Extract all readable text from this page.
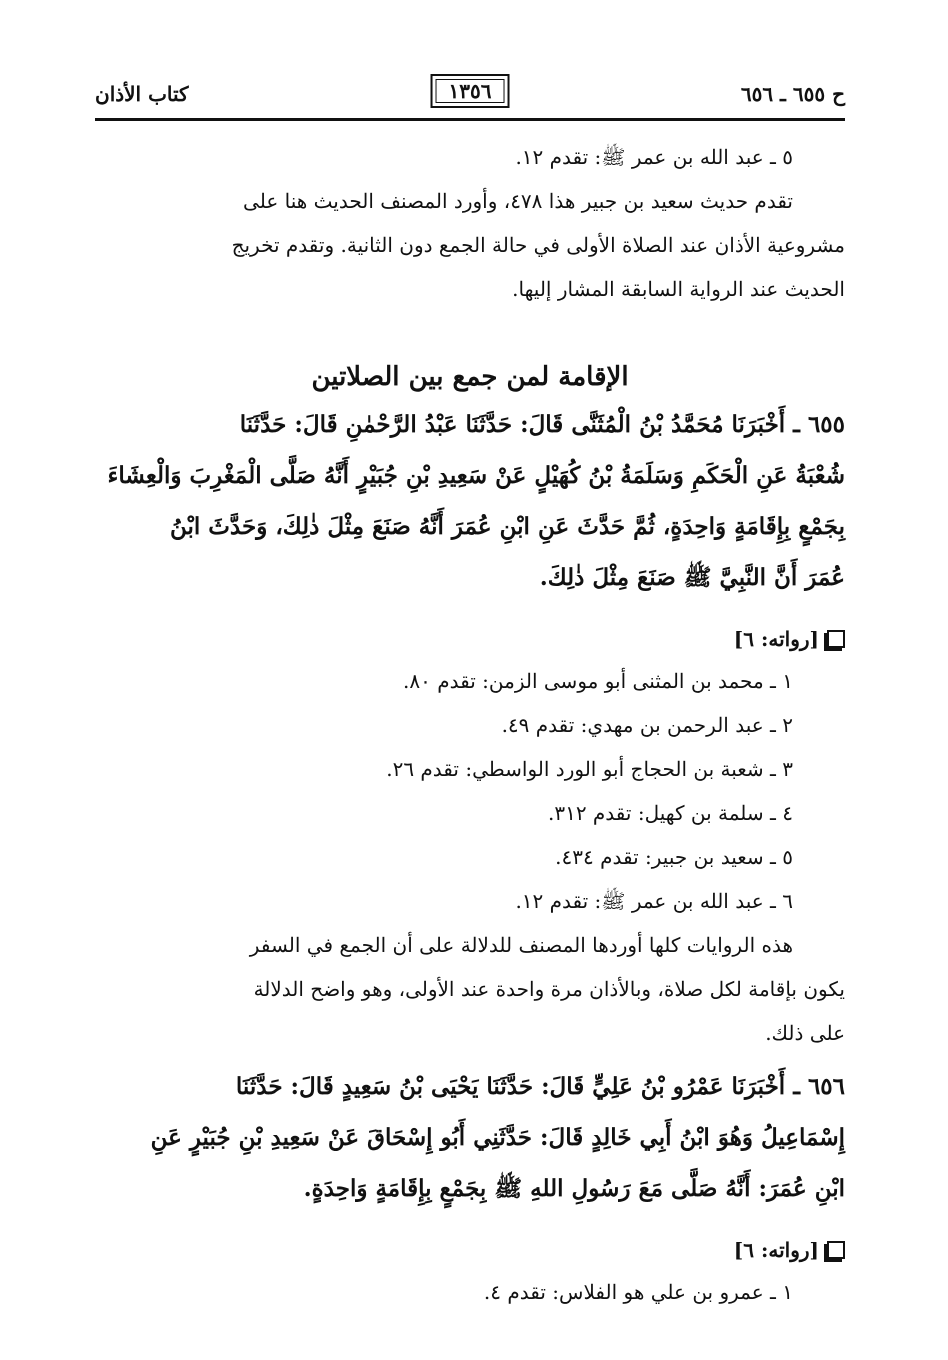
ح ٦٥٥ ـ ٦٥٦
١٣٥٦
كتاب الأذان
٥ ـ عبد الله بن عمر ﷺ: تقدم ١٢.
تقدم حديث سعيد بن جبير هذا ٤٧٨، وأورد المصنف الحديث هنا على
مشروعية الأذان عند الصلاة الأولى في حالة الجمع دون الثانية. وتقدم تخريج
الحديث عند الرواية السابقة المشار إليها.
الإقامة لمن جمع بين الصلاتين
٦٥٥ ـ أَخْبَرَنَا مُحَمَّدُ بْنُ الْمُثَنَّى قَالَ: حَدَّثَنَا عَبْدُ الرَّحْمٰنِ قَالَ: حَدَّثَنَا
شُعْبَةُ عَنِ الْحَكَمِ وَسَلَمَةُ بْنُ كُهَيْلٍ عَنْ سَعِيدِ بْنِ جُبَيْرٍ أَنَّهُ صَلَّى الْمَغْرِبَ وَالْعِشَاءَ
بِجَمْعٍ بِإِقَامَةٍ وَاحِدَةٍ، ثُمَّ حَدَّثَ عَنِ ابْنِ عُمَرَ أَنَّهُ صَنَعَ مِثْلَ ذٰلِكَ، وَحَدَّثَ ابْنُ
عُمَرَ أَنَّ النَّبِيَّ ﷺ صَنَعَ مِثْلَ ذٰلِكَ.
[رواته: ٦]
١ ـ محمد بن المثنى أبو موسى الزمن: تقدم ٨٠.
٢ ـ عبد الرحمن بن مهدي: تقدم ٤٩.
٣ ـ شعبة بن الحجاج أبو الورد الواسطي: تقدم ٢٦.
٤ ـ سلمة بن كهيل: تقدم ٣١٢.
٥ ـ سعيد بن جبير: تقدم ٤٣٤.
٦ ـ عبد الله بن عمر ﷺ: تقدم ١٢.
هذه الروايات كلها أوردها المصنف للدلالة على أن الجمع في السفر
يكون بإقامة لكل صلاة، وبالأذان مرة واحدة عند الأولى، وهو واضح الدلالة
على ذلك.
٦٥٦ ـ أَخْبَرَنَا عَمْرُو بْنُ عَلِيٍّ قَالَ: حَدَّثَنَا يَحْيَى بْنُ سَعِيدٍ قَالَ: حَدَّثَنَا
إِسْمَاعِيلُ وَهُوَ ابْنُ أَبِي خَالِدٍ قَالَ: حَدَّثَنِي أَبُو إِسْحَاقَ عَنْ سَعِيدِ بْنِ جُبَيْرٍ عَنِ
ابْنِ عُمَرَ: أَنَّهُ صَلَّى مَعَ رَسُولِ اللهِ ﷺ بِجَمْعٍ بِإِقَامَةٍ وَاحِدَةٍ.
[رواته: ٦]
١ ـ عمرو بن علي هو الفلاس: تقدم ٤.
